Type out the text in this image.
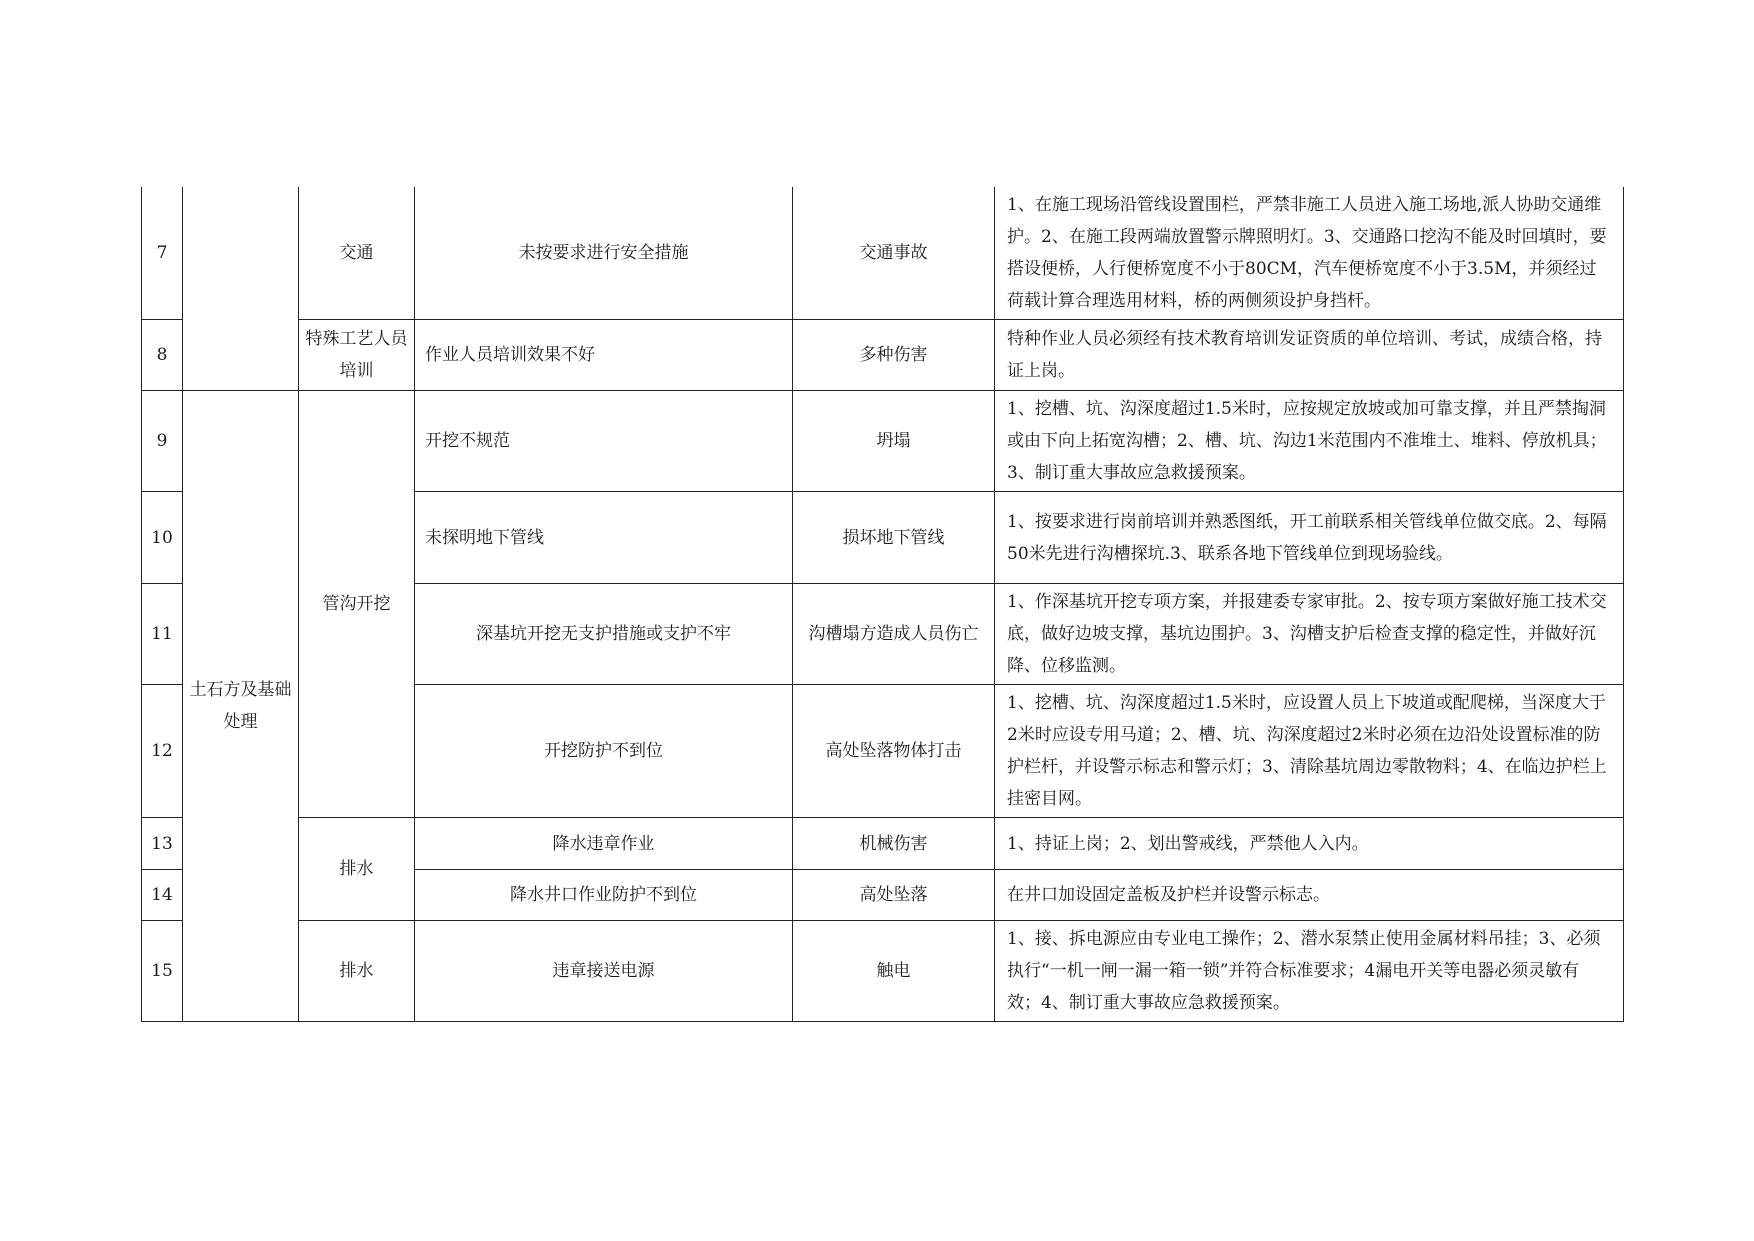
7		交通	未按要求进行安全措施	交通事故	1、在施工现场沿管线设置围栏，严禁非施工人员进入施工场地,派人协助交通维护。2、在施工段两端放置警示牌照明灯。3、交通路口挖沟不能及时回填时，要搭设便桥，人行便桥宽度不小于80CM，汽车便桥宽度不小于3.5M，并须经过荷载计算合理选用材料，桥的两侧须设护身挡杆。
8		特殊工艺人员培训	作业人员培训效果不好	多种伤害	特种作业人员必须经有技术教育培训发证资质的单位培训、考试，成绩合格，持证上岗。
9	土石方及基础处理	管沟开挖	开挖不规范	坍塌	1、挖槽、坑、沟深度超过1.5米时，应按规定放坡或加可靠支撑，并且严禁掏洞或由下向上拓宽沟槽；2、槽、坑、沟边1米范围内不准堆土、堆料、停放机具；3、制订重大事故应急救援预案。
10			未探明地下管线	损坏地下管线	1、按要求进行岗前培训并熟悉图纸，开工前联系相关管线单位做交底。2、每隔50米先进行沟槽探坑.3、联系各地下管线单位到现场验线。
11			深基坑开挖无支护措施或支护不牢	沟槽塌方造成人员伤亡	1、作深基坑开挖专项方案，并报建委专家审批。2、按专项方案做好施工技术交底，做好边坡支撑，基坑边围护。3、沟槽支护后检查支撑的稳定性，并做好沉降、位移监测。
12			开挖防护不到位	高处坠落物体打击	1、挖槽、坑、沟深度超过1.5米时，应设置人员上下坡道或配爬梯，当深度大于2米时应设专用马道；2、槽、坑、沟深度超过2米时必须在边沿处设置标准的防护栏杆，并设警示标志和警示灯；3、清除基坑周边零散物料；4、在临边护栏上挂密目网。
13		排水	降水违章作业	机械伤害	1、持证上岗；2、划出警戒线，严禁他人入内。
14			降水井口作业防护不到位	高处坠落	在井口加设固定盖板及护栏并设警示标志。
15		排水	违章接送电源	触电	1、接、拆电源应由专业电工操作；2、潜水泵禁止使用金属材料吊挂；3、必须执行“一机一闸一漏一箱一锁”并符合标准要求；4漏电开关等电器必须灵敏有效；4、制订重大事故应急救援预案。
